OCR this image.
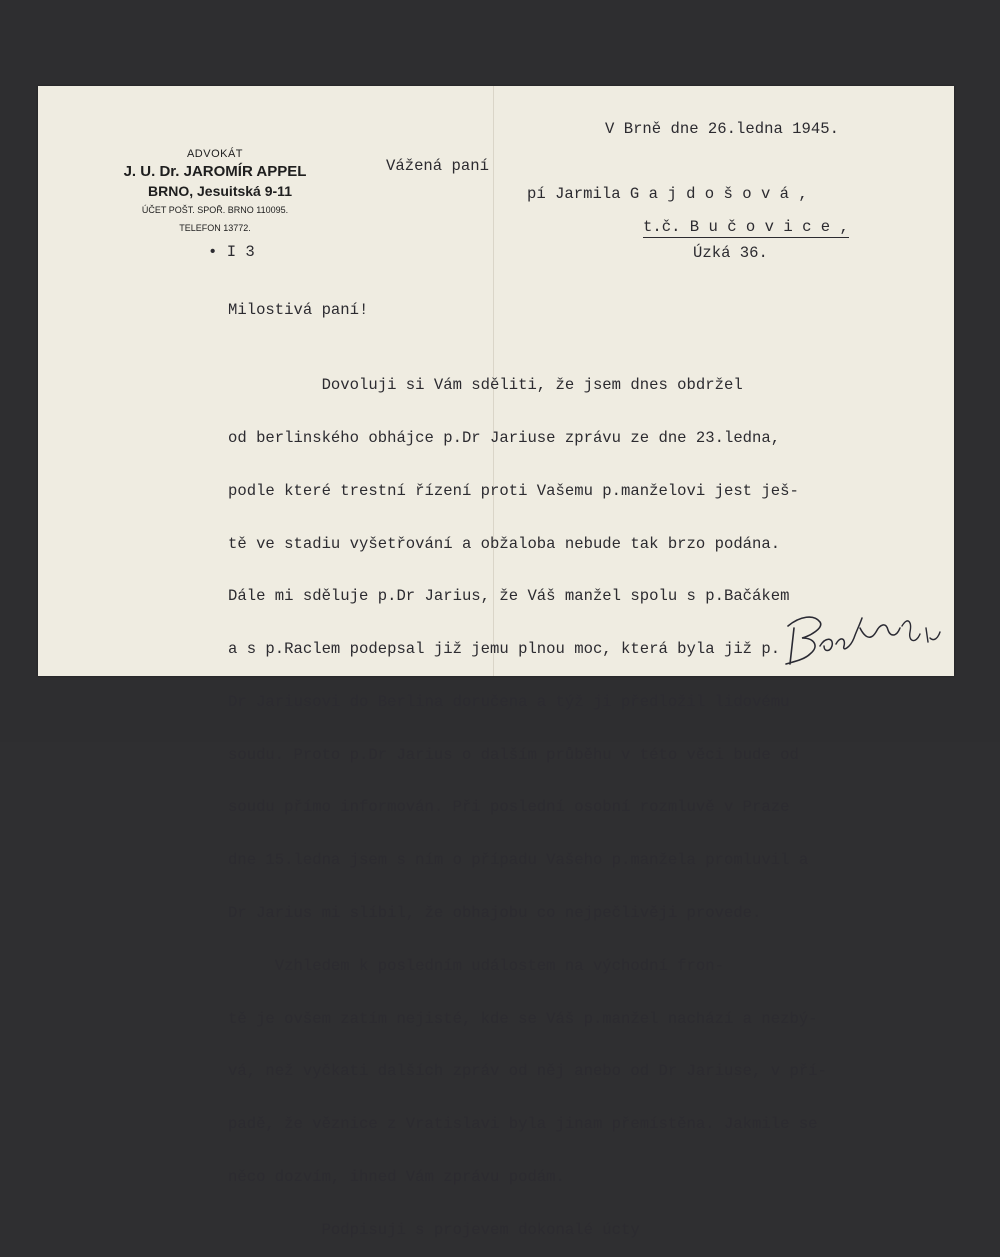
ADVOKÁT
J. U. Dr. JAROMÍR APPEL
BRNO, Jesuitská 9-11
ÚČET POŠT. SPOŘ. BRNO 110095.
TELEFON 13772.
• I 3
V Brně dne 26.ledna 1945.
Vážená paní
pí Jarmila G a j d o š o v á ,
t.č. B u č o v i c e ,
Úzká 36.
Milostivá paní!

Dovoluji si Vám sděliti, že jsem dnes obdržel

od berlinského obhájce p.Dr Jariuse zprávu ze dne 23.ledna,

podle které trestní řízení proti Vašemu p.manželovi jest ješ-

tě ve stadiu vyšetřování a obžaloba nebude tak brzo podána.

Dále mi sděluje p.Dr Jarius, že Váš manžel spolu s p.Bačákem

a s p.Raclem podepsal již jemu plnou moc, která byla již p.

Dr Jariusovi do Berlina doručena a týž ji předložil lidovému

soudu. Proto p.Dr Jarius o dalším průběhu v této věci bude od

soudu přímo informován. Při poslední osobní rozmluvě v Praze

dne 15.ledna jsem s ním o případu Vašeho p.manžela promluvil a

Dr Jarius mi slíbil, že obhajobu co nejpečlivěji provede.

Vzhledem k posledním událostem na východní fron-

tě je ovšem zatím nejisté, kde se Váš p.manžel nachází a nezbý-

vá, než vyčkati dalších zpráv od něj anebo od Dr Jariuse, v pří-

padě, že věznice z Vratislavi byla jinam přemístěna. Jakmile se

něco dozvím, ihned Vám zprávu podám.

Podpisuji s projevem dokonalé úcty
